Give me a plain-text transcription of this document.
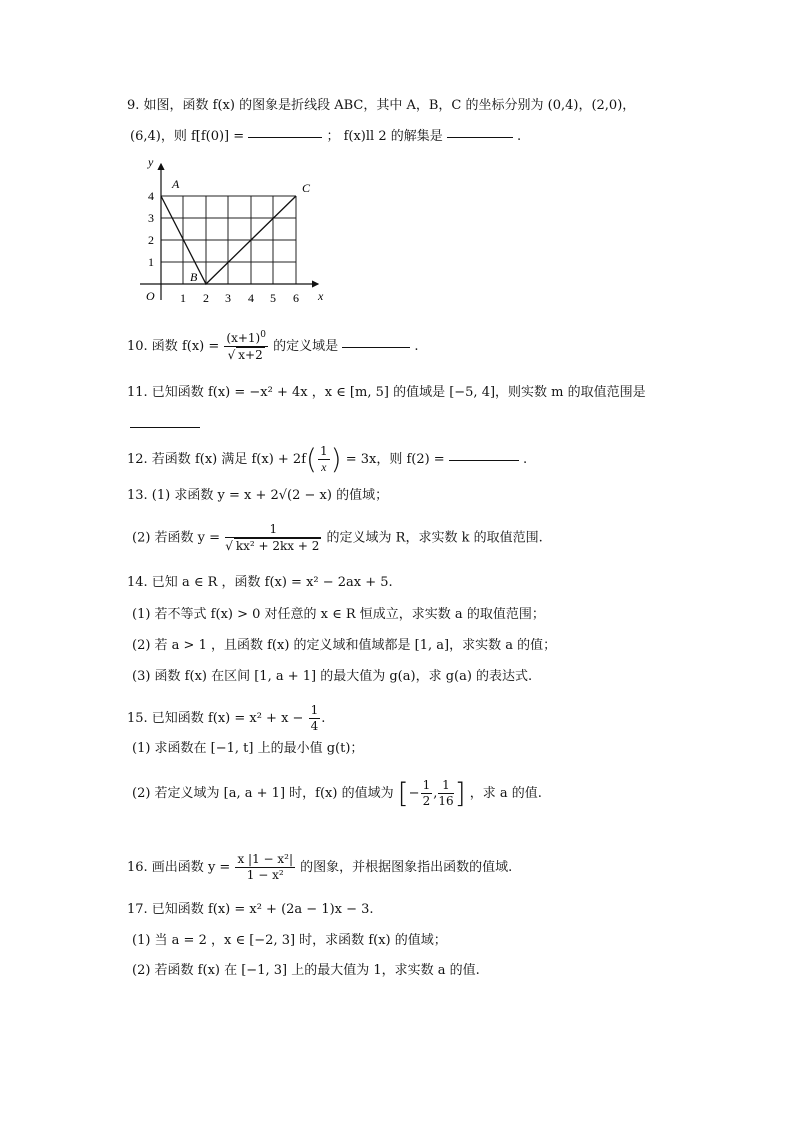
9. 如图，函数 f(x) 的图象是折线段 ABC，其中 A，B，C 的坐标分别为 (0,4)，(2,0)，
(6,4)，则 f[f(0)] =	； f(x)ⅼⅼ 2 的解集是	.
y
x
O
A
B
C
1 2 3 4 5 6
1
2
3
4
10. 函数 $f(x) = \frac{(x+1)^0}{√ x+2}$ 的定义域是	.
11. 已知函数 f(x) = −x² + 4x ，x ∈ [m, 5] 的值域是 [−5, 4]，则实数 m 的取值范围是
12. 若函数 f(x) 满足 $f(x) + 2f( \frac{1}{x}$ ) = 3x，则 f(2) =	.
13. (1) 求函数 y = x + 2√(2 − x) 的值域；
(2) 若函数 $y = \frac{1}{\text{√ kx² + 2kx + 2}}$ 的定义域为 R，求实数 k 的取值范围.
14. 已知 a ∈ R ，函数 f(x) = x² − 2ax + 5.
(1) 若不等式 f(x) > 0 对任意的 x ∈ R 恒成立，求实数 a 的取值范围；
(2) 若 a > 1 ，且函数 f(x) 的定义域和值域都是 [1, a]，求实数 a 的值；
(3) 函数 f(x) 在区间 [1, a + 1] 的最大值为 g(a)，求 g(a) 的表达式.
15. 已知函数 $f(x) = x^2 + x - \frac{1}{4}$ .
(1) 求函数在 [−1, t] 上的最小值 g(t)；
(2) 若定义域为 [a, a + 1] 时，f(x) 的值域为 [− $\frac{1}{2}$ , $\frac{1}{16}$ ] ，求 a 的值.
16. 画出函数 $y = \frac{\text{x |1 − x²|}}{\text{1 − x²}}$ 的图象，并根据图象指出函数的值域.
17. 已知函数 f(x) = x² + (2a − 1)x − 3.
(1) 当 a = 2 ，x ∈ [−2, 3] 时，求函数 f(x) 的值域；
(2) 若函数 f(x) 在 [−1, 3] 上的最大值为 1，求实数 a 的值.
